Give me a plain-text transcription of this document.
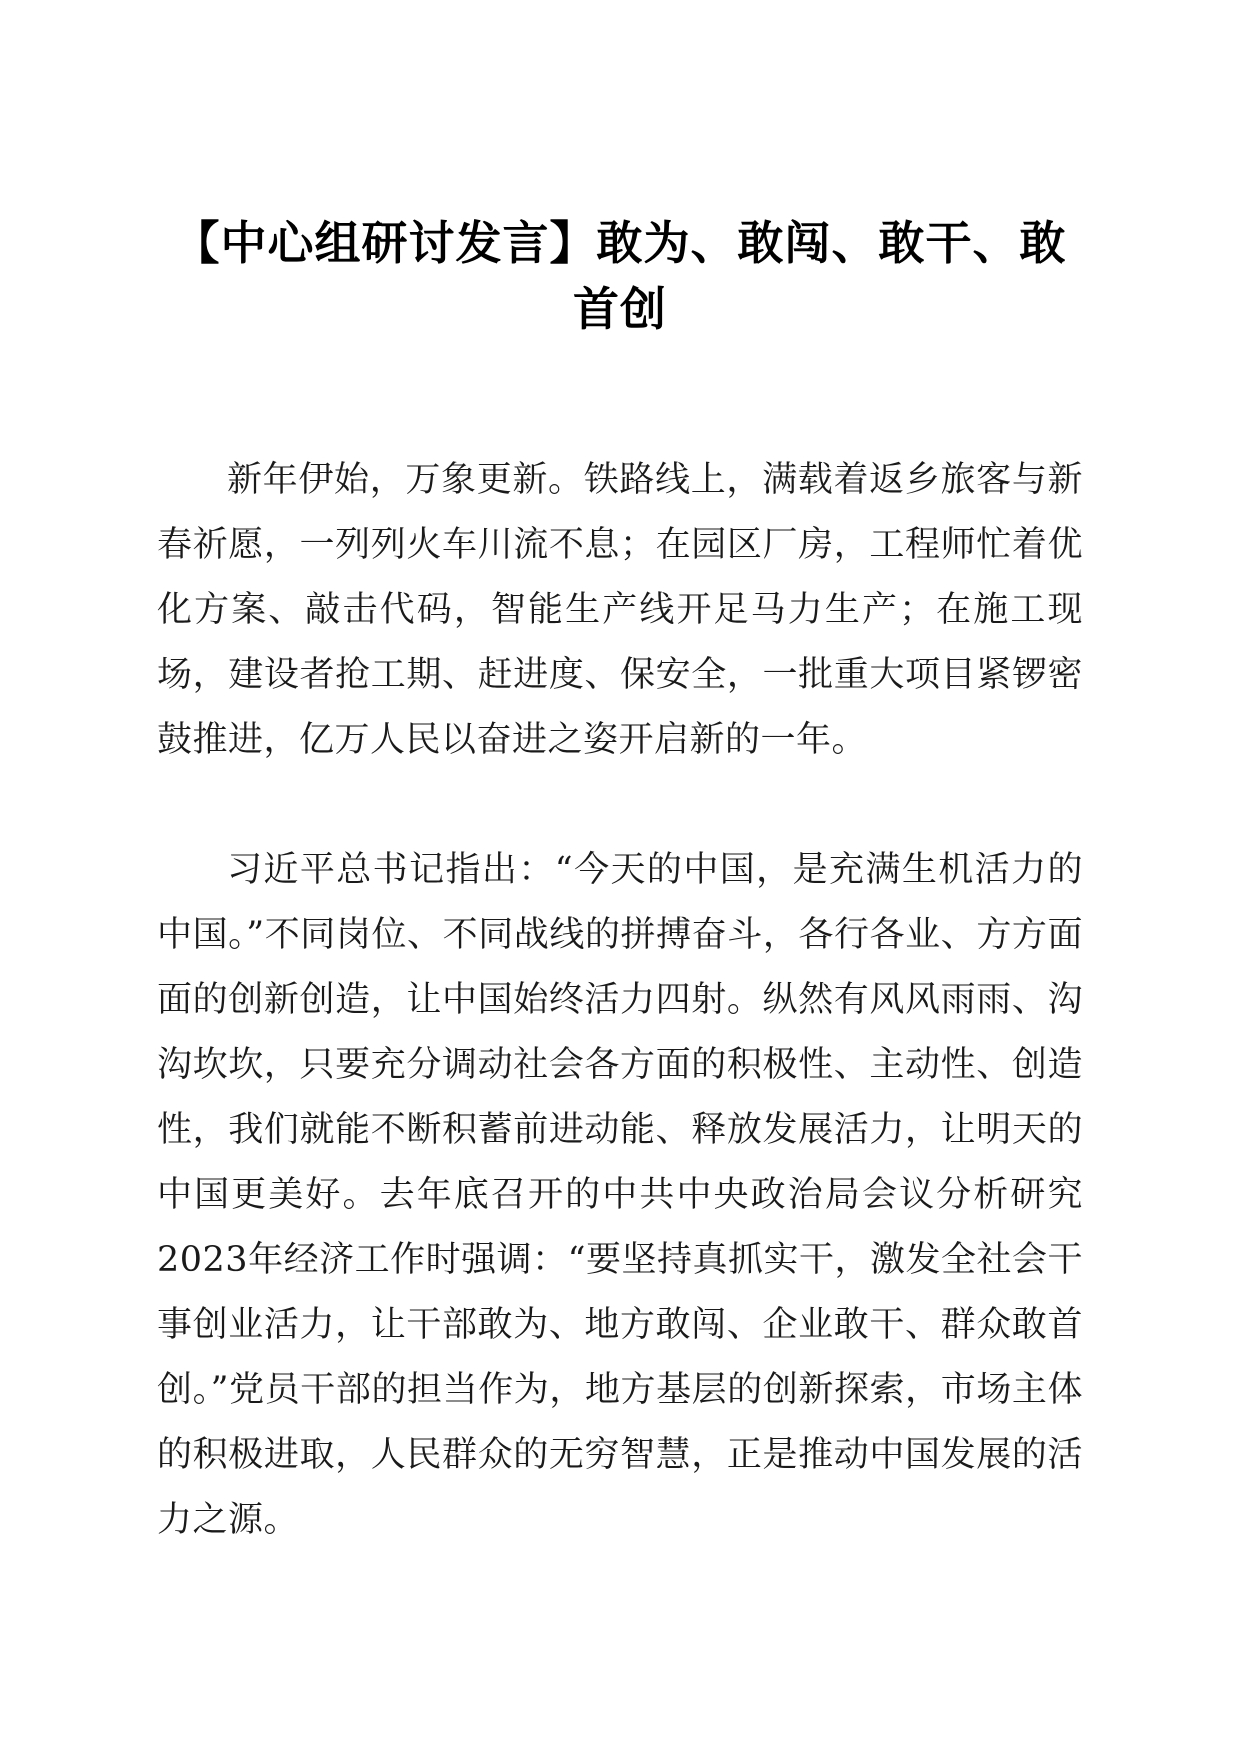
【中心组研讨发言】敢为、敢闯、敢干、敢首创

新年伊始，万象更新。铁路线上，满载着返乡旅客与新春祈愿，一列列火车川流不息；在园区厂房，工程师忙着优化方案、敲击代码，智能生产线开足马力生产；在施工现场，建设者抢工期、赶进度、保安全，一批重大项目紧锣密鼓推进，亿万人民以奋进之姿开启新的一年。

习近平总书记指出：“今天的中国，是充满生机活力的中国。”不同岗位、不同战线的拼搏奋斗，各行各业、方方面面的创新创造，让中国始终活力四射。纵然有风风雨雨、沟沟坎坎，只要充分调动社会各方面的积极性、主动性、创造性，我们就能不断积蓄前进动能、释放发展活力，让明天的中国更美好。去年底召开的中共中央政治局会议分析研究2023年经济工作时强调：“要坚持真抓实干，激发全社会干事创业活力，让干部敢为、地方敢闯、企业敢干、群众敢首创。”党员干部的担当作为，地方基层的创新探索，市场主体的积极进取，人民群众的无穷智慧，正是推动中国发展的活力之源。
